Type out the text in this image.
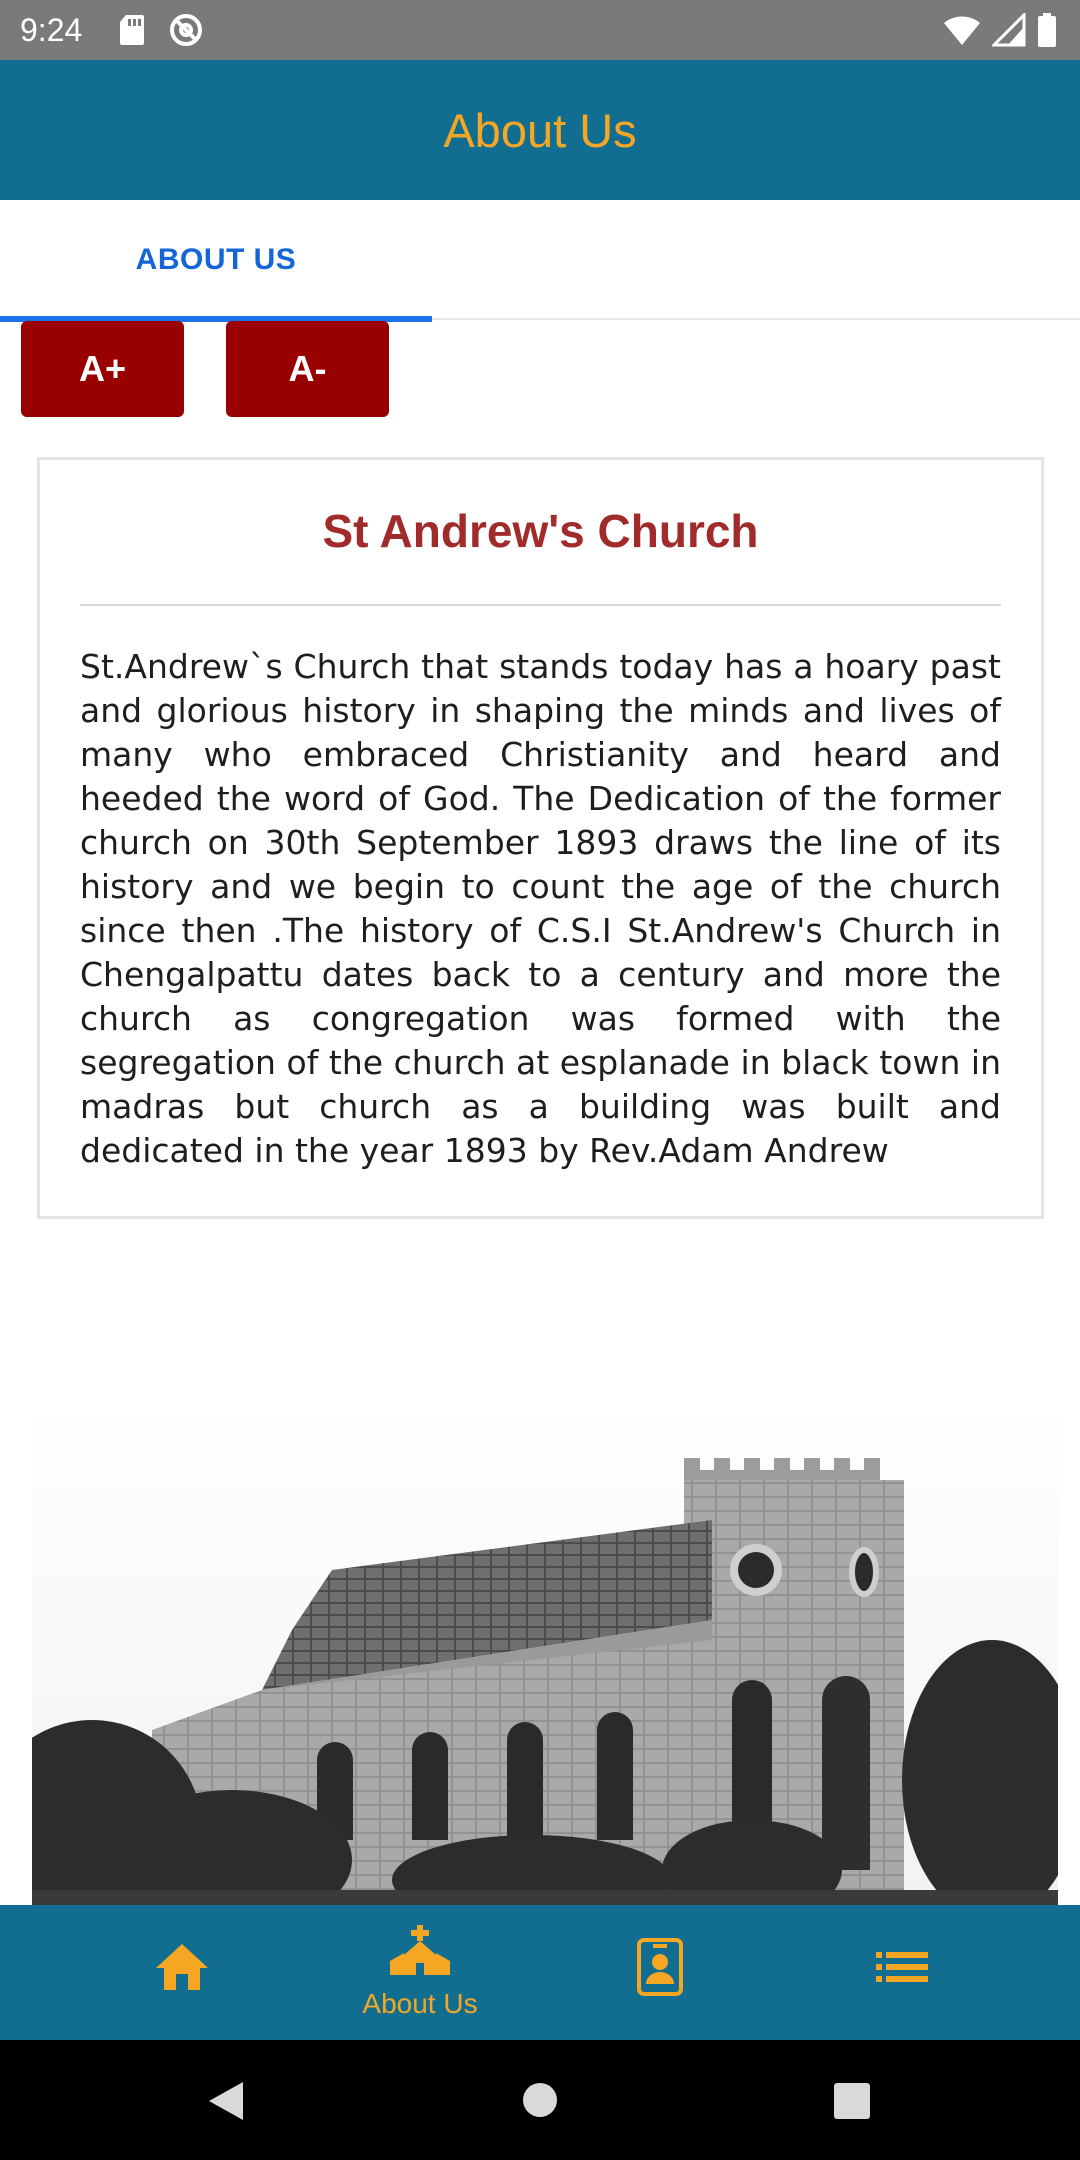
9:24
About Us
ABOUT US
A+	A-
St Andrew's Church

St.Andrew`s Church that stands today has a hoary past and glorious history in shaping the minds and lives of many who embraced Christianity and heard and heeded the word of God. The Dedication of the former church on 30th September 1893 draws the line of its history and we begin to count the age of the church since then .The history of C.S.I St.Andrew's Church in Chengalpattu dates back to a century and more the church as congregation was formed with the segregation of the church at esplanade in black town in madras but church as a building was built and dedicated in the year 1893 by Rev.Adam Andrew

About Us
